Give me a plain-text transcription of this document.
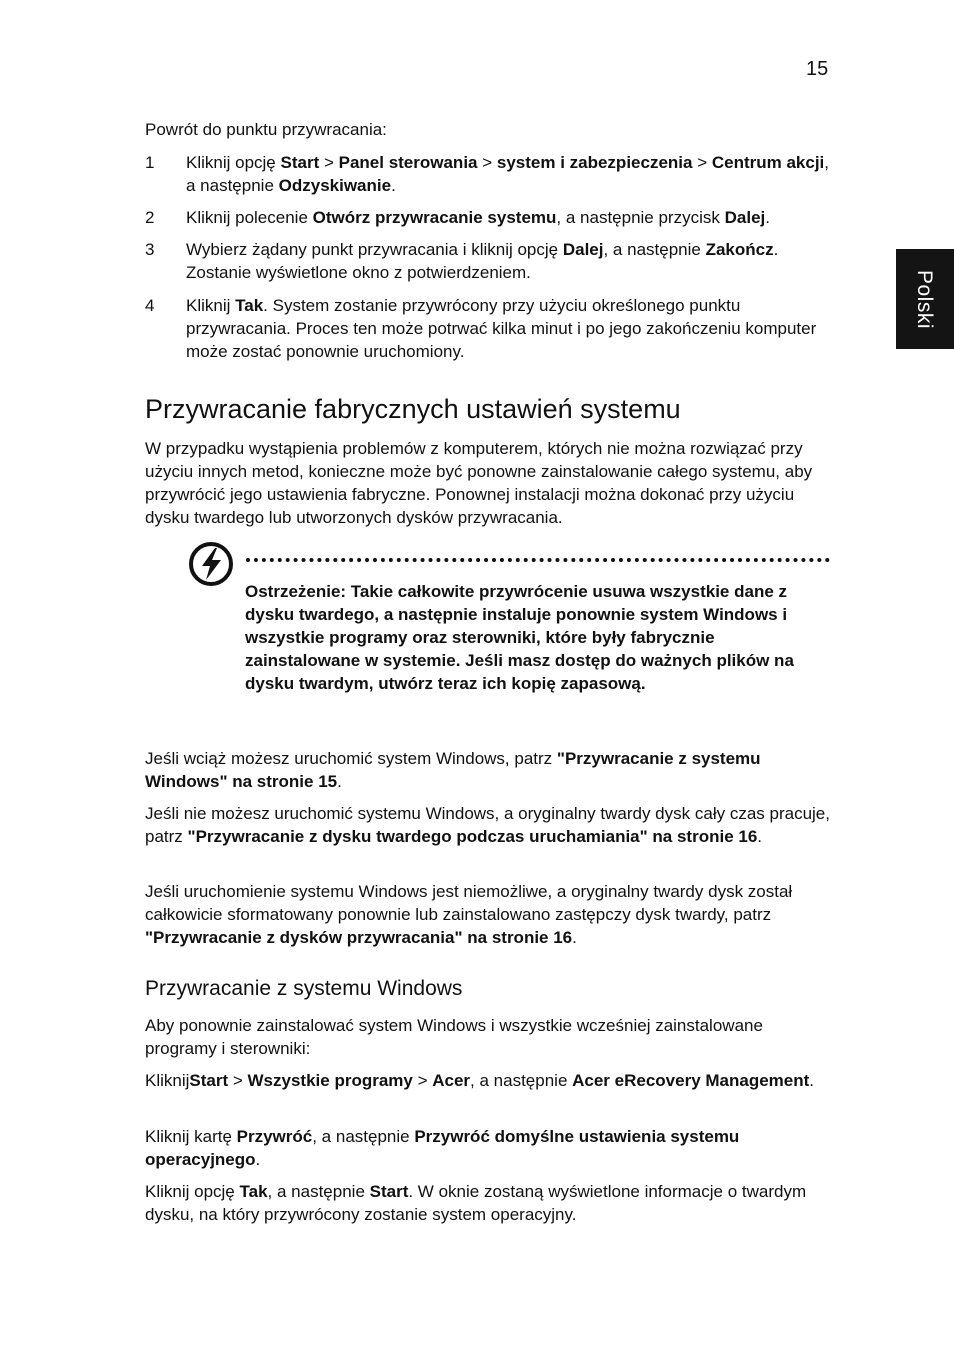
15
Polski
Powrót do punktu przywracania:
1 Kliknij opcję Start > Panel sterowania > system i zabezpieczenia > Centrum akcji, a następnie Odzyskiwanie.
2 Kliknij polecenie Otwórz przywracanie systemu, a następnie przycisk Dalej.
3 Wybierz żądany punkt przywracania i kliknij opcję Dalej, a następnie Zakończ. Zostanie wyświetlone okno z potwierdzeniem.
4 Kliknij Tak. System zostanie przywrócony przy użyciu określonego punktu przywracania. Proces ten może potrwać kilka minut i po jego zakończeniu komputer może zostać ponownie uruchomiony.
Przywracanie fabrycznych ustawień systemu
W przypadku wystąpienia problemów z komputerem, których nie można rozwiązać przy użyciu innych metod, konieczne może być ponowne zainstalowanie całego systemu, aby przywrócić jego ustawienia fabryczne. Ponownej instalacji można dokonać przy użyciu dysku twardego lub utworzonych dysków przywracania.
Ostrzeżenie: Takie całkowite przywrócenie usuwa wszystkie dane z dysku twardego, a następnie instaluje ponownie system Windows i wszystkie programy oraz sterowniki, które były fabrycznie zainstalowane w systemie. Jeśli masz dostęp do ważnych plików na dysku twardym, utwórz teraz ich kopię zapasową.
Jeśli wciąż możesz uruchomić system Windows, patrz "Przywracanie z systemu Windows" na stronie 15.
Jeśli nie możesz uruchomić systemu Windows, a oryginalny twardy dysk cały czas pracuje, patrz "Przywracanie z dysku twardego podczas uruchamiania" na stronie 16.
Jeśli uruchomienie systemu Windows jest niemożliwe, a oryginalny twardy dysk został całkowicie sformatowany ponownie lub zainstalowano zastępczy dysk twardy, patrz "Przywracanie z dysków przywracania" na stronie 16.
Przywracanie z systemu Windows
Aby ponownie zainstalować system Windows i wszystkie wcześniej zainstalowane programy i sterowniki:
KliknijStart > Wszystkie programy > Acer, a następnie Acer eRecovery Management.
Kliknij kartę Przywróć, a następnie Przywróć domyślne ustawienia systemu operacyjnego.
Kliknij opcję Tak, a następnie Start. W oknie zostaną wyświetlone informacje o twardym dysku, na który przywrócony zostanie system operacyjny.
